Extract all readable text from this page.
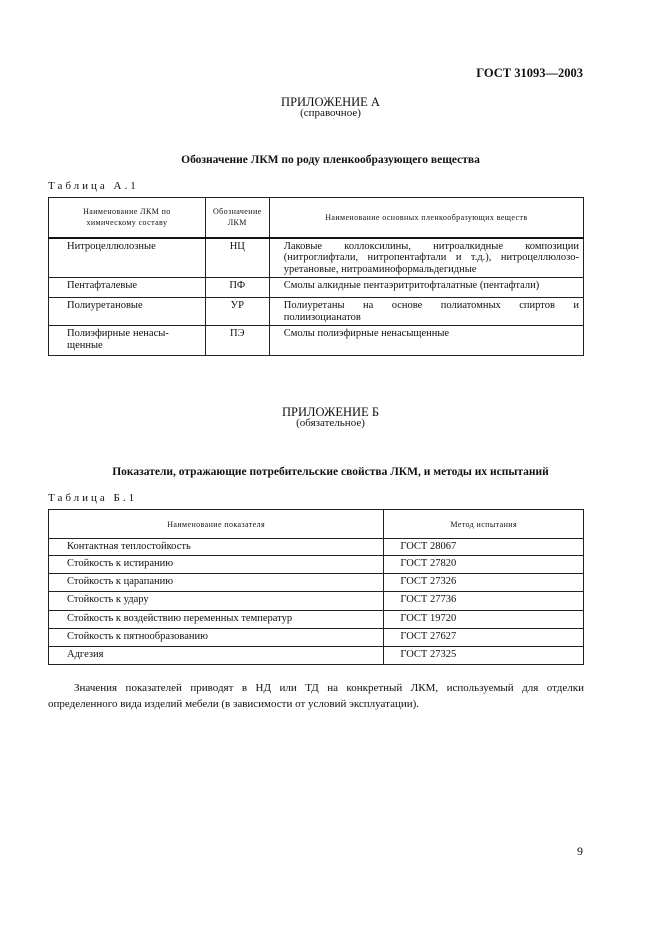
ГОСТ 31093—2003
ПРИЛОЖЕНИЕ А
(справочное)
Обозначение ЛКМ по роду пленкообразующего вещества
Таблица А.1
Наименование ЛКМ по химическому составу	Обозначение ЛКМ	Наименование основных пленкообразующих веществ
Нитроцеллюлозные	НЦ	Лаковые коллоксилины, нитроалкидные композиции (нитроглифтали, нитропентафтали и т.д.), нитроцеллюлозо-уретановые, нитроаминоформальдегидные
Пентафталевые	ПФ	Смолы алкидные пентаэритритофталатные (пентафтали)
Полиуретановые	УР	Полиуретаны на основе полиатомных спиртов и полиизоцианатов
Полиэфирные ненасы-щенные	ПЭ	Смолы полиэфирные ненасыщенные
ПРИЛОЖЕНИЕ Б
(обязательное)
Показатели, отражающие потребительские свойства ЛКМ, и методы их испытаний
Таблица Б.1
Наименование показателя	Метод испытания
Контактная теплостойкость	ГОСТ 28067
Стойкость к истиранию	ГОСТ 27820
Стойкость к царапанию	ГОСТ 27326
Стойкость к удару	ГОСТ 27736
Стойкость к воздействию переменных температур	ГОСТ 19720
Стойкость к пятнообразованию	ГОСТ 27627
Адгезия	ГОСТ 27325
Значения показателей приводят в НД или ТД на конкретный ЛКМ, используемый для отделки определенного вида изделий мебели (в зависимости от условий эксплуатации).
9
